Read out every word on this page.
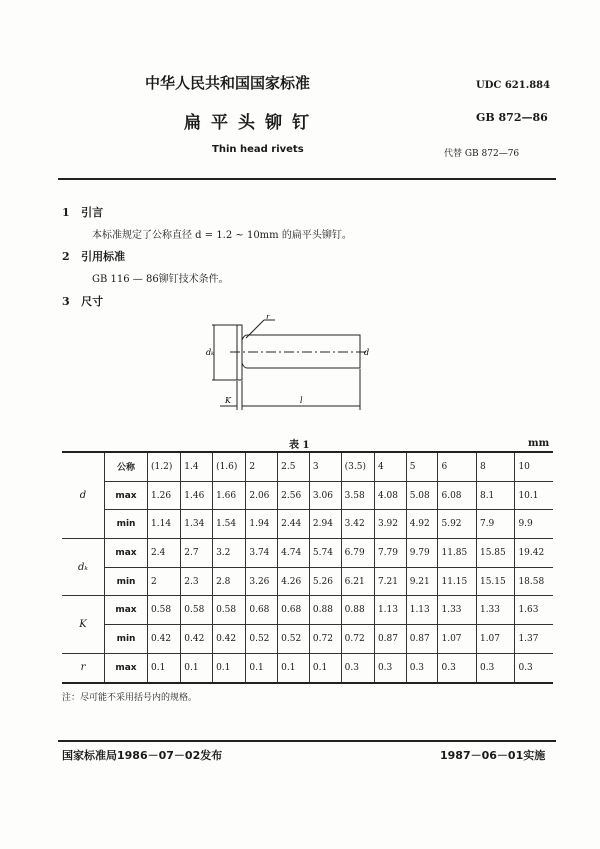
中华人民共和国国家标准	UDC 621.884
扁平头铆钉	GB 872—86
Thin head rivets	代替 GB 872—76
1 引言
本标准规定了公称直径 d = 1.2 ~ 10mm 的扁平头铆钉。
2 引用标准
GB 116 — 86铆钉技术条件。
3 尺寸
r
dₖ	d
K	l
表 1	mm
d	公称	(1.2)	1.4	(1.6)	2	2.5	3	(3.5)	4	5	6	8	10
	max	1.26	1.46	1.66	2.06	2.56	3.06	3.58	4.08	5.08	6.08	8.1	10.1
	min	1.14	1.34	1.54	1.94	2.44	2.94	3.42	3.92	4.92	5.92	7.9	9.9
dₖ	max	2.4	2.7	3.2	3.74	4.74	5.74	6.79	7.79	9.79	11.85	15.85	19.42
	min	2	2.3	2.8	3.26	4.26	5.26	6.21	7.21	9.21	11.15	15.15	18.58
K	max	0.58	0.58	0.58	0.68	0.68	0.88	0.88	1.13	1.13	1.33	1.33	1.63
	min	0.42	0.42	0.42	0.52	0.52	0.72	0.72	0.87	0.87	1.07	1.07	1.37
r	max	0.1	0.1	0.1	0.1	0.1	0.1	0.3	0.3	0.3	0.3	0.3	0.3
注：尽可能不采用括号内的规格。
国家标准局1986－07－02发布	1987－06－01实施
